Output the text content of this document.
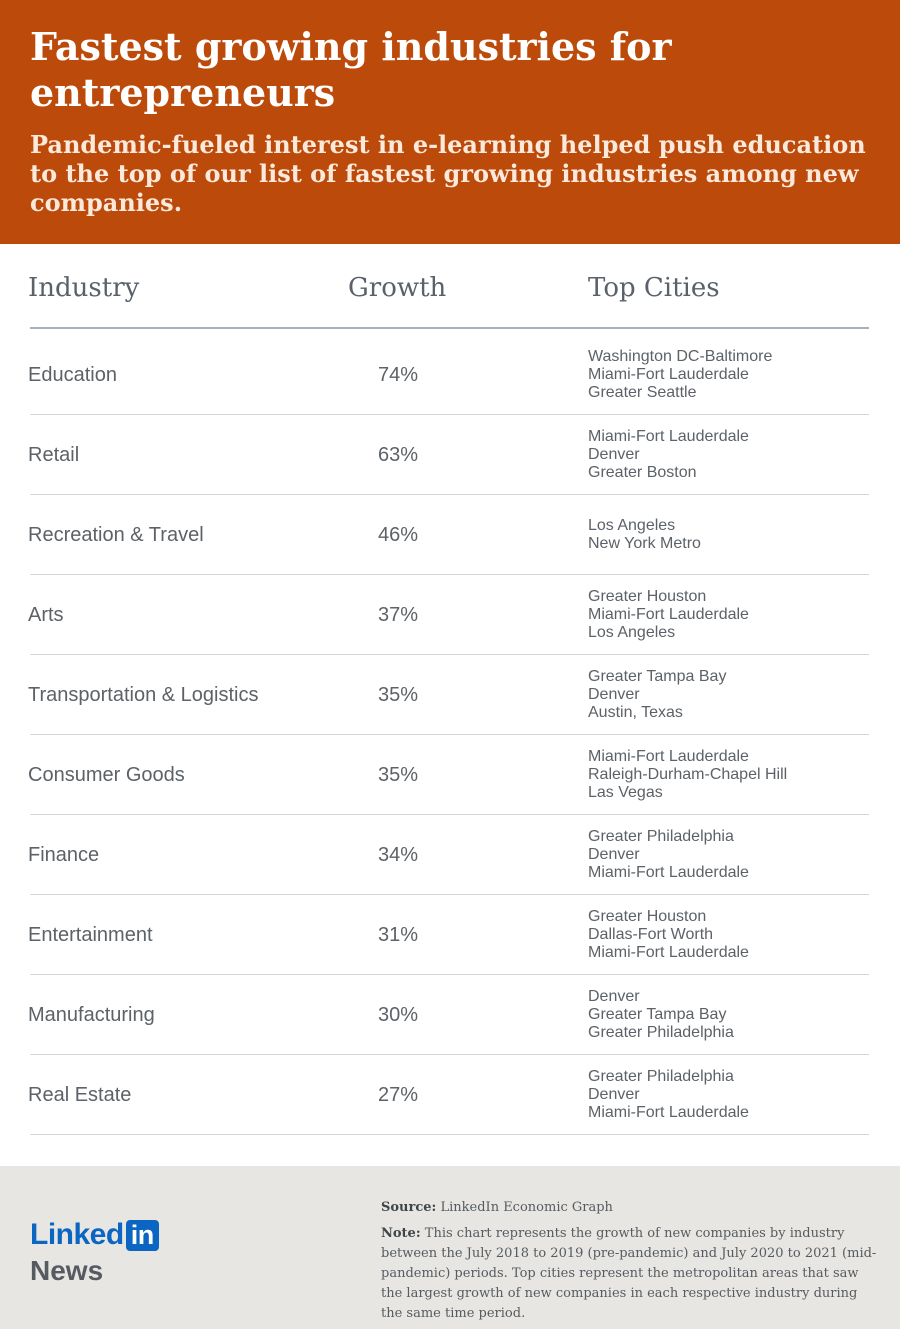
Fastest growing industries for entrepreneurs
Pandemic-fueled interest in e-learning helped push education to the top of our list of fastest growing industries among new companies.
Industry	Growth	Top Cities
Education	74%
Washington DC-Baltimore
Miami-Fort Lauderdale
Greater Seattle
Retail	63%
Miami-Fort Lauderdale
Denver
Greater Boston
Recreation & Travel	46%	Los Angeles
New York Metro
Arts	37%
Greater Houston
Miami-Fort Lauderdale
Los Angeles
Transportation & Logistics	35%
Greater Tampa Bay
Denver
Austin, Texas
Consumer Goods	35%
Miami-Fort Lauderdale
Raleigh-Durham-Chapel Hill
Las Vegas
Finance	34%
Greater Philadelphia
Denver
Miami-Fort Lauderdale
Entertainment	31%
Greater Houston
Dallas-Fort Worth
Miami-Fort Lauderdale
Manufacturing	30%
Denver
Greater Tampa Bay
Greater Philadelphia
Real Estate	27%
Greater Philadelphia
Denver
Miami-Fort Lauderdale
Linked in
News
Source: LinkedIn Economic Graph
Note: This chart represents the growth of new companies by industry between the July 2018 to 2019 (pre-pandemic) and July 2020 to 2021 (mid-pandemic) periods. Top cities represent the metropolitan areas that saw the largest growth of new companies in each respective industry during the same time period.
